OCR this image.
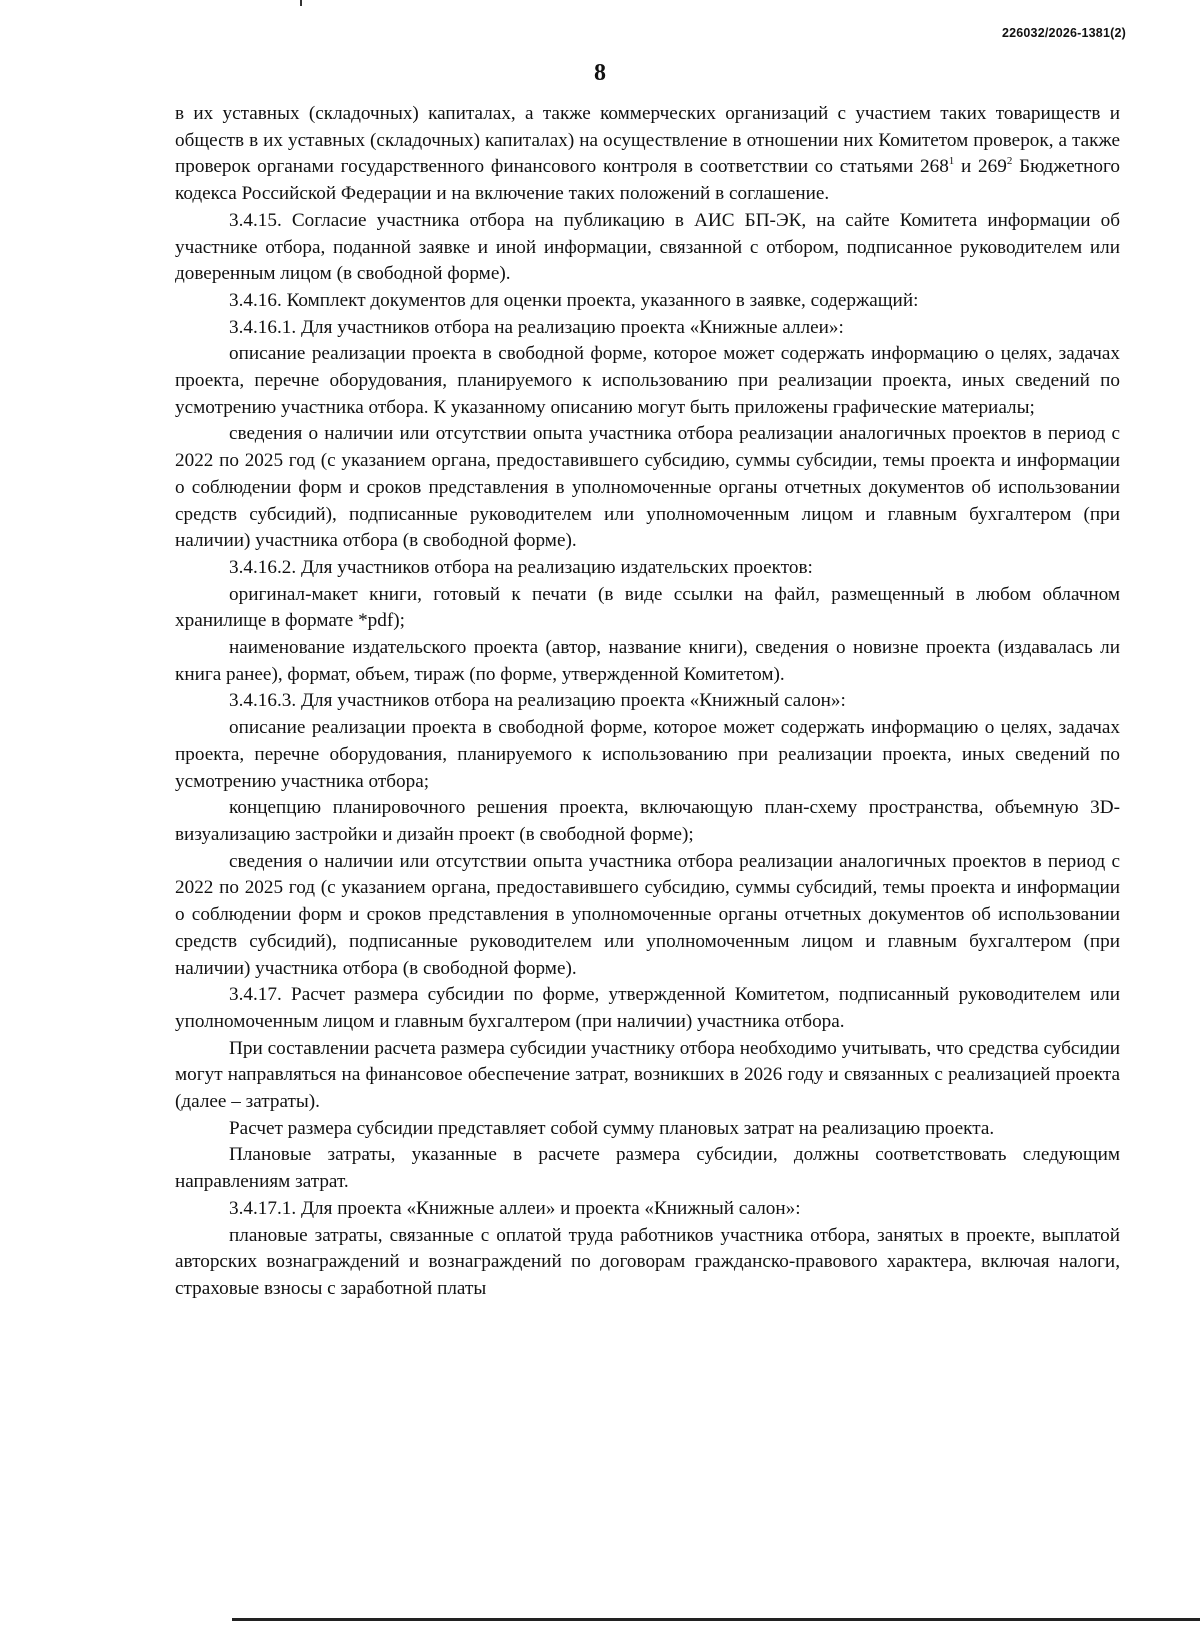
226032/2026-1381(2)
8

в их уставных (складочных) капиталах, а также коммерческих организаций с участием таких товариществ и обществ в их уставных (складочных) капиталах) на осуществление в отношении них Комитетом проверок, а также проверок органами государственного финансового контроля в соответствии со статьями $268^1$ и $269^2$ Бюджетного кодекса Российской Федерации и на включение таких положений в соглашение.

3.4.15. Согласие участника отбора на публикацию в АИС БП-ЭК, на сайте Комитета информации об участнике отбора, поданной заявке и иной информации, связанной с отбором, подписанное руководителем или доверенным лицом (в свободной форме).

3.4.16. Комплект документов для оценки проекта, указанного в заявке, содержащий:

3.4.16.1. Для участников отбора на реализацию проекта «Книжные аллеи»:

описание реализации проекта в свободной форме, которое может содержать информацию о целях, задачах проекта, перечне оборудования, планируемого к использованию при реализации проекта, иных сведений по усмотрению участника отбора. К указанному описанию могут быть приложены графические материалы;

сведения о наличии или отсутствии опыта участника отбора реализации аналогичных проектов в период с 2022 по 2025 год (с указанием органа, предоставившего субсидию, суммы субсидии, темы проекта и информации о соблюдении форм и сроков представления в уполномоченные органы отчетных документов об использовании средств субсидий), подписанные руководителем или уполномоченным лицом и главным бухгалтером (при наличии) участника отбора (в свободной форме).

3.4.16.2. Для участников отбора на реализацию издательских проектов:

оригинал-макет книги, готовый к печати (в виде ссылки на файл, размещенный в любом облачном хранилище в формате *pdf);

наименование издательского проекта (автор, название книги), сведения о новизне проекта (издавалась ли книга ранее), формат, объем, тираж (по форме, утвержденной Комитетом).

3.4.16.3. Для участников отбора на реализацию проекта «Книжный салон»:

описание реализации проекта в свободной форме, которое может содержать информацию о целях, задачах проекта, перечне оборудования, планируемого к использованию при реализации проекта, иных сведений по усмотрению участника отбора;

концепцию планировочного решения проекта, включающую план-схему пространства, объемную 3D-визуализацию застройки и дизайн проект (в свободной форме);

сведения о наличии или отсутствии опыта участника отбора реализации аналогичных проектов в период с 2022 по 2025 год (с указанием органа, предоставившего субсидию, суммы субсидий, темы проекта и информации о соблюдении форм и сроков представления в уполномоченные органы отчетных документов об использовании средств субсидий), подписанные руководителем или уполномоченным лицом и главным бухгалтером (при наличии) участника отбора (в свободной форме).

3.4.17. Расчет размера субсидии по форме, утвержденной Комитетом, подписанный руководителем или уполномоченным лицом и главным бухгалтером (при наличии) участника отбора.

При составлении расчета размера субсидии участнику отбора необходимо учитывать, что средства субсидии могут направляться на финансовое обеспечение затрат, возникших в 2026 году и связанных с реализацией проекта (далее – затраты).

Расчет размера субсидии представляет собой сумму плановых затрат на реализацию проекта.

Плановые затраты, указанные в расчете размера субсидии, должны соответствовать следующим направлениям затрат.

3.4.17.1. Для проекта «Книжные аллеи» и проекта «Книжный салон»:

плановые затраты, связанные с оплатой труда работников участника отбора, занятых в проекте, выплатой авторских вознаграждений и вознаграждений по договорам гражданско-правового характера, включая налоги, страховые взносы с заработной платы
